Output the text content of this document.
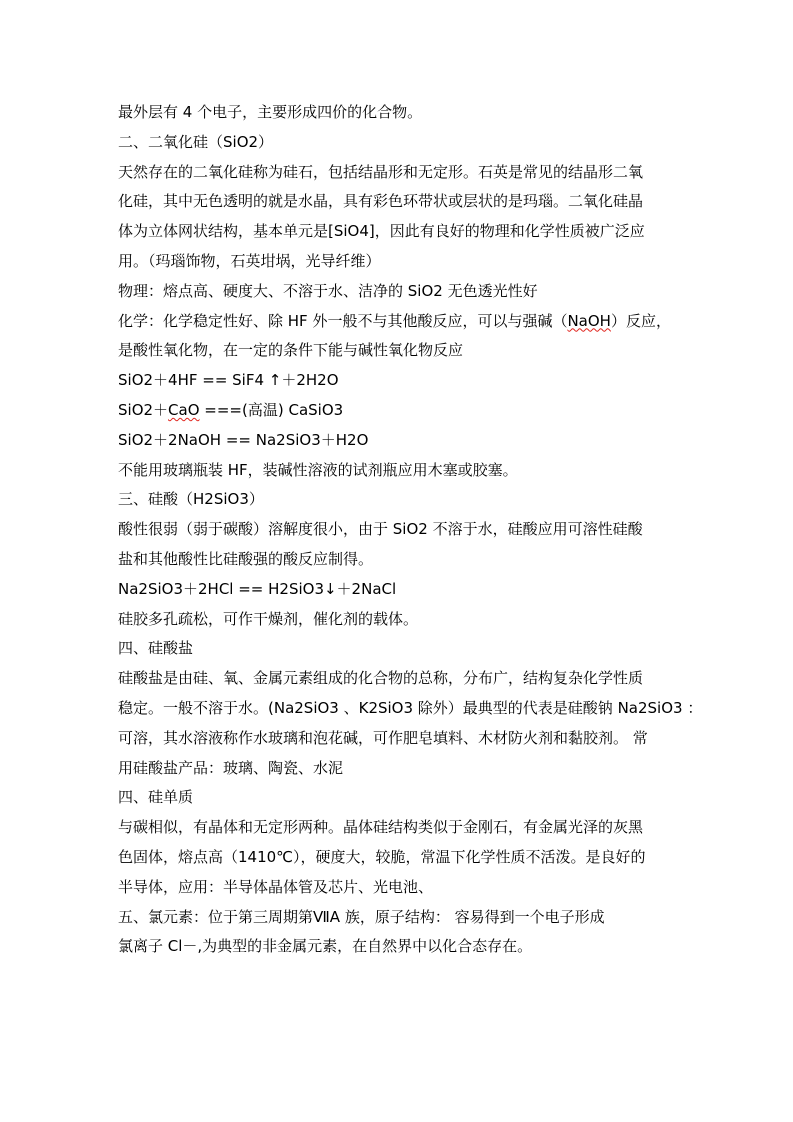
最外层有 4 个电子，主要形成四价的化合物。
二、二氧化硅（SiO2）
天然存在的二氧化硅称为硅石，包括结晶形和无定形。石英是常见的结晶形二氧
化硅，其中无色透明的就是水晶，具有彩色环带状或层状的是玛瑙。二氧化硅晶
体为立体网状结构，基本单元是[SiO4]，因此有良好的物理和化学性质被广泛应
用。（玛瑙饰物，石英坩埚，光导纤维）
物理：熔点高、硬度大、不溶于水、洁净的 SiO2 无色透光性好
化学：化学稳定性好、除 HF 外一般不与其他酸反应，可以与强碱（NaOH）反应，
是酸性氧化物，在一定的条件下能与碱性氧化物反应
SiO2＋4HF == SiF4 ↑＋2H2O
SiO2＋CaO ===(高温) CaSiO3
SiO2＋2NaOH == Na2SiO3＋H2O
不能用玻璃瓶装 HF，装碱性溶液的试剂瓶应用木塞或胶塞。
三、硅酸（H2SiO3）
酸性很弱（弱于碳酸）溶解度很小，由于 SiO2 不溶于水，硅酸应用可溶性硅酸
盐和其他酸性比硅酸强的酸反应制得。
Na2SiO3＋2HCl == H2SiO3↓＋2NaCl
硅胶多孔疏松，可作干燥剂，催化剂的载体。
四、硅酸盐
硅酸盐是由硅、氧、金属元素组成的化合物的总称，分布广，结构复杂化学性质
稳定。一般不溶于水。(Na2SiO3 、K2SiO3 除外）最典型的代表是硅酸钠 Na2SiO3 ：
可溶，其水溶液称作水玻璃和泡花碱，可作肥皂填料、木材防火剂和黏胶剂。 常
用硅酸盐产品：玻璃、陶瓷、水泥
四、硅单质
与碳相似，有晶体和无定形两种。晶体硅结构类似于金刚石，有金属光泽的灰黑
色固体，熔点高（1410℃），硬度大，较脆，常温下化学性质不活泼。是良好的
半导体，应用：半导体晶体管及芯片、光电池、
五、氯元素：位于第三周期第ⅦA 族，原子结构： 容易得到一个电子形成
氯离子 Cl－,为典型的非金属元素，在自然界中以化合态存在。
